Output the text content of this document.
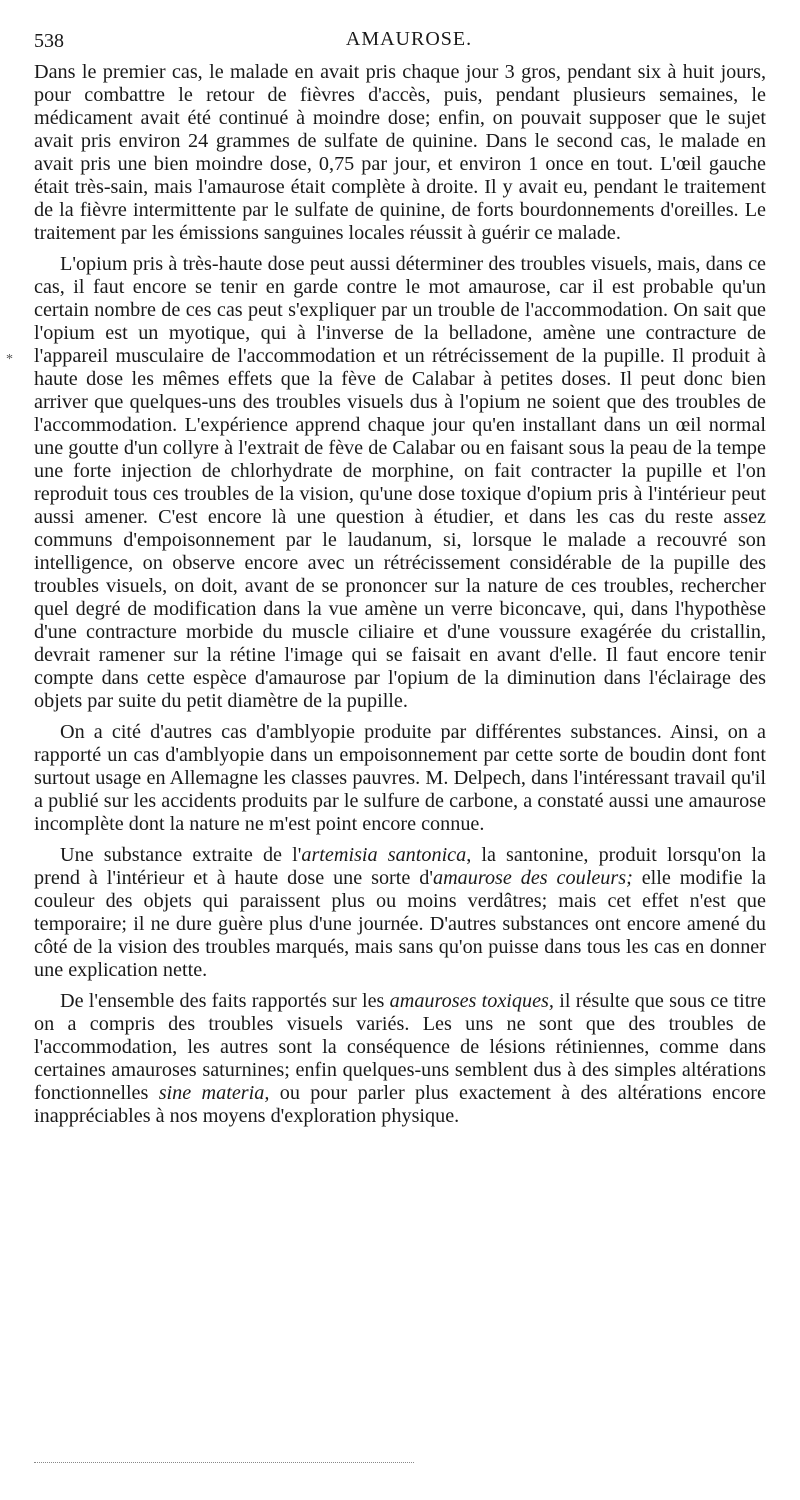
538	AMAUROSE.
*

Dans le premier cas, le malade en avait pris chaque jour 3 gros, pendant six à huit jours, pour combattre le retour de fièvres d'accès, puis, pendant plusieurs semaines, le médicament avait été continué à moindre dose; enfin, on pouvait supposer que le sujet avait pris environ 24 grammes de sulfate de quinine. Dans le second cas, le malade en avait pris une bien moindre dose, 0,75 par jour, et environ 1 once en tout. L'œil gauche était très-sain, mais l'amaurose était complète à droite. Il y avait eu, pendant le traitement de la fièvre intermittente par le sulfate de quinine, de forts bourdonnements d'oreilles. Le traitement par les émissions sanguines locales réussit à guérir ce malade.

L'opium pris à très-haute dose peut aussi déterminer des troubles visuels, mais, dans ce cas, il faut encore se tenir en garde contre le mot amaurose, car il est probable qu'un certain nombre de ces cas peut s'expliquer par un trouble de l'accommodation. On sait que l'opium est un myotique, qui à l'inverse de la belladone, amène une contracture de l'appareil musculaire de l'accommodation et un rétrécissement de la pupille. Il produit à haute dose les mêmes effets que la fève de Calabar à petites doses. Il peut donc bien arriver que quelques-uns des troubles visuels dus à l'opium ne soient que des troubles de l'accommodation. L'expérience apprend chaque jour qu'en installant dans un œil normal une goutte d'un collyre à l'extrait de fève de Calabar ou en faisant sous la peau de la tempe une forte injection de chlorhydrate de morphine, on fait contracter la pupille et l'on reproduit tous ces troubles de la vision, qu'une dose toxique d'opium pris à l'intérieur peut aussi amener. C'est encore là une question à étudier, et dans les cas du reste assez communs d'empoisonnement par le laudanum, si, lorsque le malade a recouvré son intelligence, on observe encore avec un rétrécissement considérable de la pupille des troubles visuels, on doit, avant de se prononcer sur la nature de ces troubles, rechercher quel degré de modification dans la vue amène un verre biconcave, qui, dans l'hypothèse d'une contracture morbide du muscle ciliaire et d'une voussure exagérée du cristallin, devrait ramener sur la rétine l'image qui se faisait en avant d'elle. Il faut encore tenir compte dans cette espèce d'amaurose par l'opium de la diminution dans l'éclairage des objets par suite du petit diamètre de la pupille.

On a cité d'autres cas d'amblyopie produite par différentes substances. Ainsi, on a rapporté un cas d'amblyopie dans un empoisonnement par cette sorte de boudin dont font surtout usage en Allemagne les classes pauvres. M. Delpech, dans l'intéressant travail qu'il a publié sur les accidents produits par le sulfure de carbone, a constaté aussi une amaurose incomplète dont la nature ne m'est point encore connue.

Une substance extraite de l'artemisia santonica, la santonine, produit lorsqu'on la prend à l'intérieur et à haute dose une sorte d'amaurose des couleurs; elle modifie la couleur des objets qui paraissent plus ou moins verdâtres; mais cet effet n'est que temporaire; il ne dure guère plus d'une journée. D'autres substances ont encore amené du côté de la vision des troubles marqués, mais sans qu'on puisse dans tous les cas en donner une explication nette.

De l'ensemble des faits rapportés sur les amauroses toxiques, il résulte que sous ce titre on a compris des troubles visuels variés. Les uns ne sont que des troubles de l'accommodation, les autres sont la conséquence de lésions rétiniennes, comme dans certaines amauroses saturnines; enfin quelques-uns semblent dus à des simples altérations fonctionnelles sine materia, ou pour parler plus exactement à des altérations encore inappréciables à nos moyens d'exploration physique.
